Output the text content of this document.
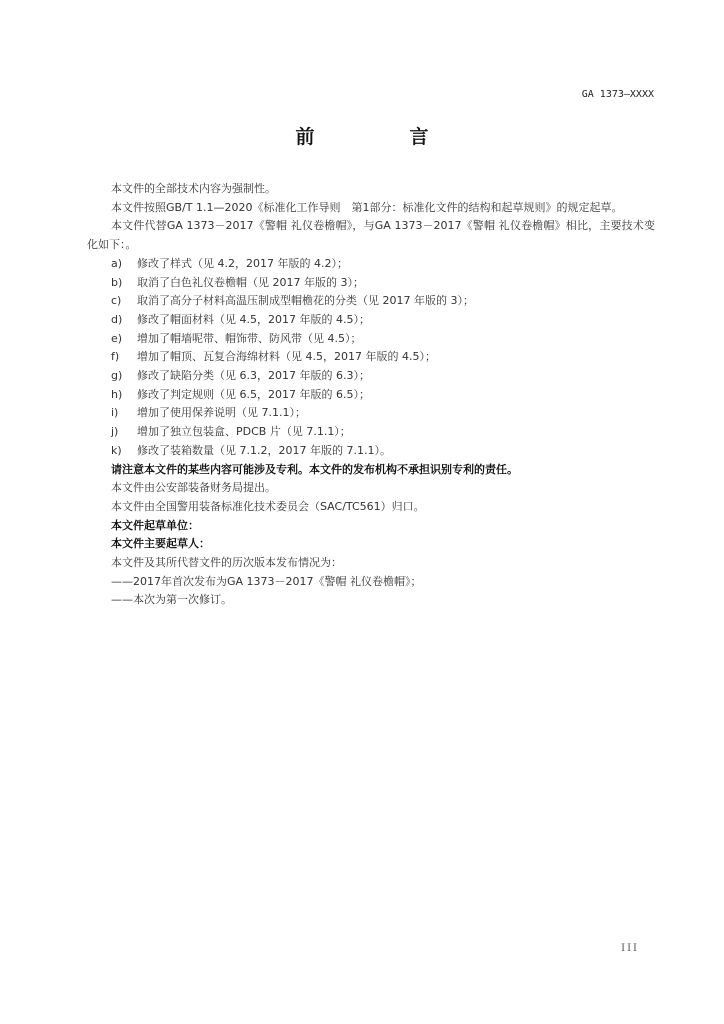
GA 1373—XXXX
前　言

本文件的全部技术内容为强制性。

本文件按照GB/T 1.1—2020《标准化工作导则　第1部分：标准化文件的结构和起草规则》的规定起草。

本文件代替GA 1373－2017《警帽 礼仪卷檐帽》，与GA 1373－2017《警帽 礼仪卷檐帽》相比，主要技术变化如下：。

a) 修改了样式（见 4.2，2017 年版的 4.2）；

b) 取消了白色礼仪卷檐帽（见 2017 年版的 3）；

c) 取消了高分子材料高温压制成型帽檐花的分类（见 2017 年版的 3）；

d) 修改了帽面材料（见 4.5，2017 年版的 4.5）；

e) 增加了帽墙呢带、帽饰带、防风带（见 4.5）；

f) 增加了帽顶、瓦复合海绵材料（见 4.5，2017 年版的 4.5）；

g) 修改了缺陷分类（见 6.3，2017 年版的 6.3）；

h) 修改了判定规则（见 6.5，2017 年版的 6.5）；

i) 增加了使用保养说明（见 7.1.1）；

j) 增加了独立包装盒、PDCB 片（见 7.1.1）；

k) 修改了装箱数量（见 7.1.2，2017 年版的 7.1.1）。

请注意本文件的某些内容可能涉及专利。本文件的发布机构不承担识别专利的责任。

本文件由公安部装备财务局提出。

本文件由全国警用装备标准化技术委员会（SAC/TC561）归口。

本文件起草单位：

本文件主要起草人：

本文件及其所代替文件的历次版本发布情况为：

——2017年首次发布为GA 1373－2017《警帽 礼仪卷檐帽》；

——本次为第一次修订。

III
